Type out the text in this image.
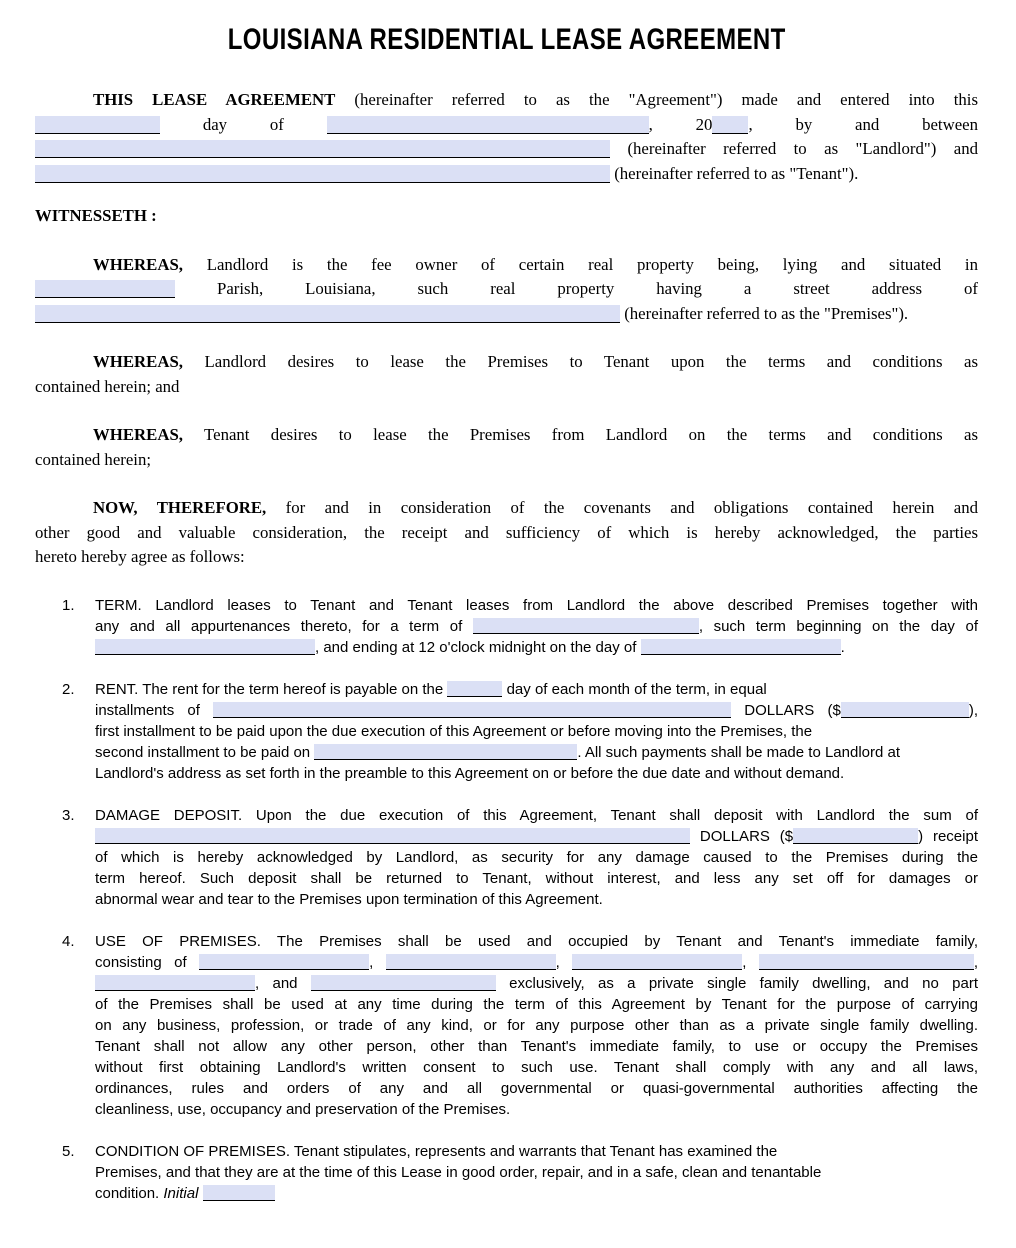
LOUISIANA RESIDENTIAL LEASE AGREEMENT
THIS LEASE AGREEMENT (hereinafter referred to as the "Agreement") made and entered into this
day of	, 20 , by and between
(hereinafter referred to as "Landlord") and
(hereinafter referred to as "Tenant").
WITNESSETH :
WHEREAS, Landlord is the fee owner of certain real property being, lying and situated in
Parish, Louisiana, such real property having a street address of
(hereinafter referred to as the "Premises").
WHEREAS, Landlord desires to lease the Premises to Tenant upon the terms and conditions as
contained herein; and
WHEREAS, Tenant desires to lease the Premises from Landlord on the terms and conditions as
contained herein;
NOW, THEREFORE, for and in consideration of the covenants and obligations contained herein and
other good and valuable consideration, the receipt and sufficiency of which is hereby acknowledged, the parties
hereto hereby agree as follows:
1.	TERM. Landlord leases to Tenant and Tenant leases from Landlord the above described Premises together with
any and all appurtenances thereto, for a term of	, such term beginning on the day of
, and ending at 12 o'clock midnight on the day of	.
2.	RENT. The rent for the term hereof is payable on the	day of each month of the term, in equal
installments of	DOLLARS ($	),
first installment to be paid upon the due execution of this Agreement or before moving into the Premises, the
second installment to be paid on	. All such payments shall be made to Landlord at
Landlord's address as set forth in the preamble to this Agreement on or before the due date and without demand.
3.	DAMAGE DEPOSIT. Upon the due execution of this Agreement, Tenant shall deposit with Landlord the sum of
DOLLARS ($	) receipt
of which is hereby acknowledged by Landlord, as security for any damage caused to the Premises during the
term hereof. Such deposit shall be returned to Tenant, without interest, and less any set off for damages or
abnormal wear and tear to the Premises upon termination of this Agreement.
4.	USE OF PREMISES. The Premises shall be used and occupied by Tenant and Tenant's immediate family,
consisting of	,	,	,	,
, and	exclusively, as a private single family dwelling, and no part
of the Premises shall be used at any time during the term of this Agreement by Tenant for the purpose of carrying
on any business, profession, or trade of any kind, or for any purpose other than as a private single family dwelling.
Tenant shall not allow any other person, other than Tenant's immediate family, to use or occupy the Premises
without first obtaining Landlord's written consent to such use. Tenant shall comply with any and all laws,
ordinances, rules and orders of any and all governmental or quasi-governmental authorities affecting the
cleanliness, use, occupancy and preservation of the Premises.
5.	CONDITION OF PREMISES. Tenant stipulates, represents and warrants that Tenant has examined the
Premises, and that they are at the time of this Lease in good order, repair, and in a safe, clean and tenantable
condition. Initial
